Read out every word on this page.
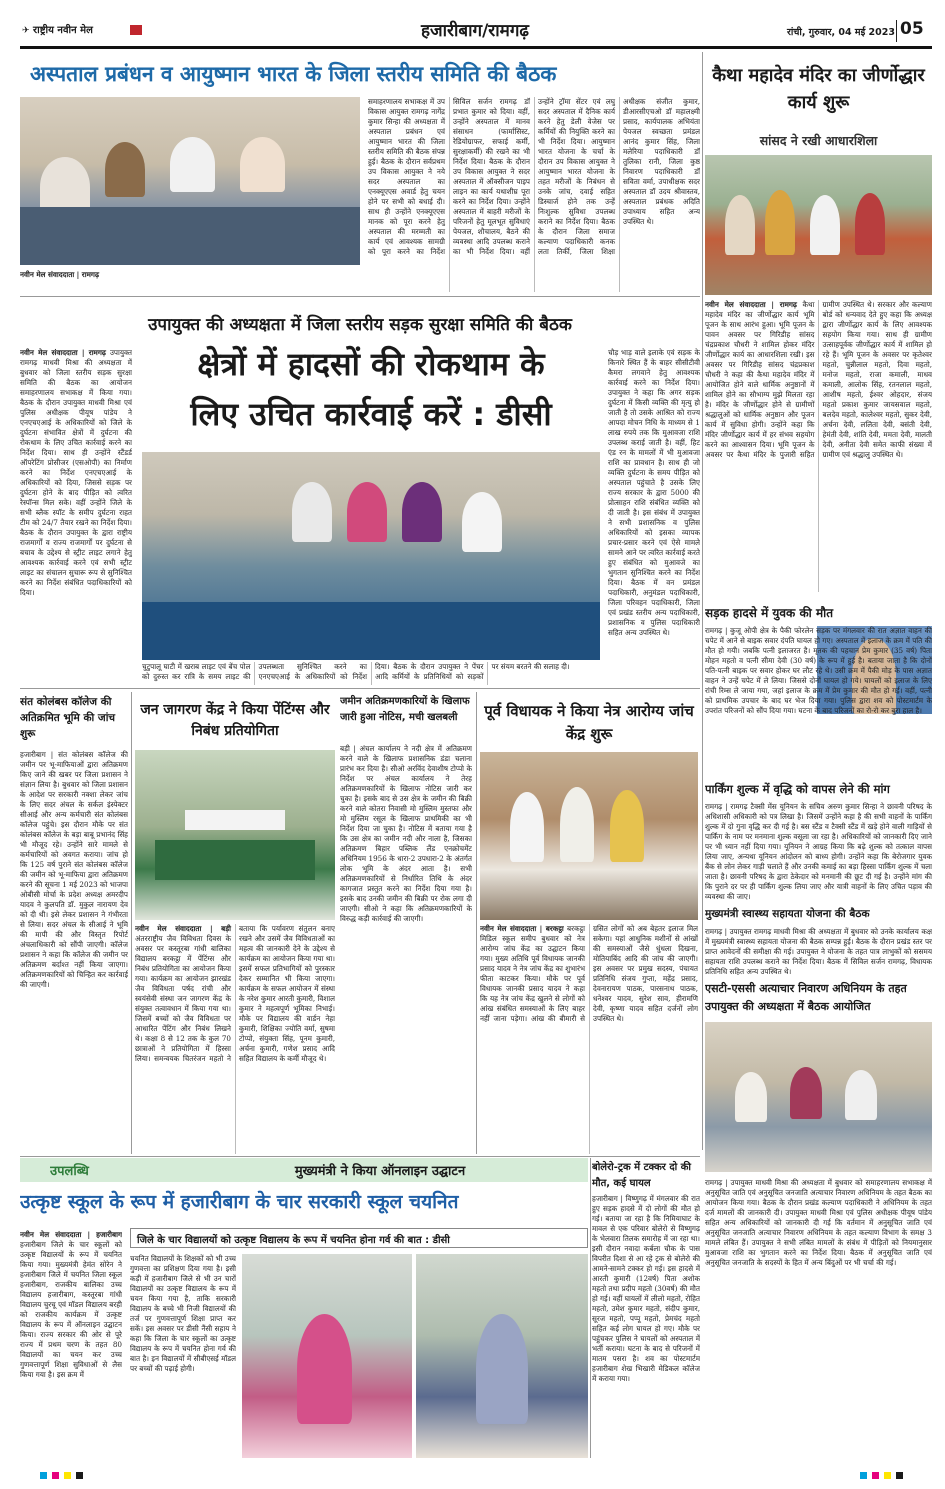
✈ राष्ट्रीय नवीन मेल	हजारीबाग/रामगढ़	रांची, गुरुवार, 04 मई 2023 05
अस्पताल प्रबंधन व आयुष्मान भारत के जिला स्तरीय समिति की बैठक
नवीन मेल संवाददाता | रामगढ़
समाहरणालय सभाकक्ष में उप विकास आयुक्त रामगढ़ नागेंद्र कुमार सिन्हा की अध्यक्षता में अस्पताल प्रबंधन एवं आयुष्मान भारत की जिला स्तरीय समिति की बैठक संपन्न हुई। बैठक के दौरान सर्वप्रथम उप विकास आयुक्त ने नये सदर अस्पताल का एनक्यूएएस अवार्ड हेतु चयन होने पर सभी को बधाई दी। साथ ही उन्होंने एनक्यूएएस मानक को पूरा करने हेतु अस्पताल की मरम्मती का कार्य एवं आवश्यक सामग्री को पूरा करने का निर्देश सिविल सर्जन रामगढ़ डॉ प्रभात कुमार को दिया। वहीं, उन्होंने अस्पताल में मानव संसाधन (फार्मासिस्ट, रेडियोग्राफर, सफाई कर्मी, सुरक्षाकर्मी) की रखने का भी निर्देश दिया। बैठक के दौरान उप विकास आयुक्त ने सदर अस्पताल में ऑक्सीजन पाइप लाइन का कार्य यथाशीघ्र पूरा करने का निर्देश दिया। उन्होंने अस्पताल में बाहरी मरीजों के परिजनों हेतु मूलभूत सुविधाएं पेयजल, शौचालय, बैठने की व्यवस्था आदि उपलब्ध कराने का भी निर्देश दिया। वहीं उन्होंने ट्रॉमा सेंटर एवं लघु सदर अस्पताल में दैनिक कार्य करने हेतु डेली वेजेस पर कर्मियों की नियुक्ति करने का भी निर्देश दिया। आयुष्मान भारत योजना के चर्चा के दौरान उप विकास आयुक्त ने आयुष्मान भारत योजना के तहत मरीजों के निबंधन से उनके जांच, दवाई सहित डिस्चार्ज होने तक उन्हें निःशुल्क सुविधा उपलब्ध कराने का निर्देश दिया। बैठक के दौरान जिला समाज कल्याण पदाधिकारी कनक लता तिर्की, जिला शिक्षा अधीक्षक संजीत कुमार, डीआरसीएचओ डॉ महालक्ष्मी प्रसाद, कार्यपालक अभियंता पेयजल स्वच्छता प्रमंडल आनंद कुमार सिंह, जिला मलेरिया पदाधिकारी डॉ तुलिका रानी, जिला कुष्ठ निवारण पदाधिकारी डॉ सविता वर्मा, उपाधीक्षक सदर अस्पताल डॉ उदय श्रीवास्तव, अस्पताल प्रबंधक अदिति उपाध्याय सहित अन्य उपस्थित थे।
कैथा महादेव मंदिर का जीर्णोद्धार कार्य शुरू
सांसद ने रखी आधारशिला
नवीन मेल संवाददाता | रामगढ़ कैथा महादेव मंदिर का जीर्णोद्धार कार्य भूमि पूजन के साथ आरंभ हुआ। भूमि पूजन के पावन अवसर पर गिरिडीह सांसद चंद्रप्रकाश चौधरी ने शामिल होकर मंदिर जीर्णोद्धार कार्य का आधारशिला रखी। इस अवसर पर गिरिडीह सांसद चंद्रप्रकाश चौधरी ने कहा की कैथा महादेव मंदिर में आयोजित होने वाले धार्मिक अनुष्ठानों में शामिल होने का सौभाग्य मुझे मिलता रहा है। मंदिर के जीर्णोद्धार होने से ग्रामीणों श्रद्धालुओं को धार्मिक अनुष्ठान और पूजन कार्य में सुविधा होगी। उन्होंने कहा कि मंदिर जीर्णोद्धार कार्य में हर संभव सहयोग करने का आश्वासन दिया। भूमि पूजन के अवसर पर कैथा मंदिर के पुजारी सहित ग्रामीण उपस्थित थे। सरकार और कल्याण बोर्ड को धन्यवाद देते हुए कहा कि अध्यक्ष द्वारा जीर्णोद्धार कार्य के लिए आवश्यक सहयोग किया गया। साथ ही ग्रामीण उत्साहपूर्वक जीर्णोद्धार कार्य में शामिल हो रहे हैं। भूमि पूजन के अवसर पर कृतेश्वर महतो, चुन्नीलाल महतो, दिवा महतो, मनोज महतो, राजा कमाली, माधव कमाली, आलोक सिंह, रतनलाल महतो, आशीष महतो, ईश्वर ओहदार, संजय महतो प्रकाश कुमार जायसवाल महतो, बलदेव महतो, कालेश्वर महतो, सुकर देवी, अर्चना देवी, ललिता देवी, बसंती देवी, हेमंती देवी, शांति देवी, ममता देवी, मालती देवी, अनीता देवी समेत काफी संख्या में ग्रामीण एवं श्रद्धालु उपस्थित थे।
उपायुक्त की अध्यक्षता में जिला स्तरीय सड़क सुरक्षा समिति की बैठक
नवीन मेल संवाददाता | रामगढ़ उपायुक्त रामगढ़ माधवी मिश्रा की अध्यक्षता में बुधवार को जिला स्तरीय सड़क सुरक्षा समिति की बैठक का आयोजन समाहरणालय सभाकक्ष में किया गया। बैठक के दौरान उपायुक्त माधवी मिश्रा एवं पुलिस अधीक्षक पीयूष पांडेय ने एनएचएआई के अधिकारियों को जिले के दुर्घटना संभावित क्षेत्रों में दुर्घटना की रोकथाम के लिए उचित कार्रवाई करने का निर्देश दिया। साथ ही उन्होंने स्टैंडर्ड ऑपरेटिंग प्रोसीजर (एसओपी) का निर्माण करने का निर्देश एनएचएआई के अधिकारियों को दिया, जिससे सड़क पर दुर्घटना होने के बाद पीड़ित को त्वरित रेस्पॉन्स मिल सके। वहीं उन्होंने जिले के सभी ब्लैक स्पॉट के समीप दुर्घटना राहत टीम को 24/7 तैयार रखने का निर्देश दिया। बैठक के दौरान उपायुक्त के द्वारा राष्ट्रीय राजमार्गों व राज्य राजमार्गों पर दुर्घटना से बचाव के उद्देश्य से स्ट्रीट लाइट लगाने हेतु आवश्यक कार्रवाई करने एवं सभी स्ट्रीट लाइट का संचालन सुचारू रूप से सुनिश्चित करने का निर्देश संबंधित पदाधिकारियों को दिया।
क्षेत्रों में हादसों की रोकथाम के
लिए उचित कार्रवाई करें : डीसी
चुटुपालू घाटी में खराब लाइट एवं बेंच पोल को दुरुस्त कर रात्रि के समय लाइट की उपलब्धता सुनिश्चित करने का एनएचएआई के अधिकारियों को निर्देश दिया। बैठक के दौरान उपायुक्त ने पेंचर आदि कर्मियों के प्रतिनिधियों को सड़कों पर संयम बरतने की सलाह दी।
चौड़ भाड़ वाले इलाके एवं सड़क के किनारे स्थित हैं के बाहर सीसीटीवी कैमरा लगवाने हेतु आवश्यक कार्रवाई करने का निर्देश दिया। उपायुक्त ने कहा कि अगर सड़क दुर्घटना में किसी व्यक्ति की मृत्यु हो जाती है तो उसके आश्रित को राज्य आपदा मोचन निधि के माध्यम से 1 लाख रुपये तक कि मुआवजा राशि उपलब्ध कराई जाती है। वहीं, हिट एंड रन के मामलों में भी मुआवजा राशि का प्रावधान है। साथ ही जो व्यक्ति दुर्घटना के समय पीड़ित को अस्पताल पहुंचाते है उसके लिए राज्य सरकार के द्वारा 5000 की प्रोत्साहन राशि संबंधित व्यक्ति को दी जाती है। इस संबंध में उपायुक्त ने सभी प्रशासनिक व पुलिस अधिकारियों को इसका व्यापक प्रचार-प्रसार करने एवं ऐसे मामले सामने आने पर त्वरित कार्रवाई करते हुए संबंधित को मुआवजे का भुगतान सुनिश्चित करने का निर्देश दिया। बैठक में वन प्रमंडल पदाधिकारी, अनुमंडल पदाधिकारी, जिला परिवहन पदाधिकारी, जिला एवं प्रखंड स्तरीय अन्य पदाधिकारी, प्रशासनिक व पुलिस पदाधिकारी सहित अन्य उपस्थित थे।
सड़क हादसे में युवक की मौत
रामगढ़ | कुजू ओपी क्षेत्र के पैकी फोरलेन सड़क पर मंगलवार की रात अज्ञात वाहन की चपेट में आने से बाइक सवार दंपति घायल हो गए। अस्पताल में इलाज के क्रम में पति की मौत हो गयी। जबकि पत्नी इलाजरत है। मृतक की पहचान प्रेम कुमार (35 वर्ष) पिता मोहन महतो व पत्नी सीमा देवी (30 वर्ष) के रूप में हुई है। बताया जाता है कि दोनों पति-पत्नी बाइक पर सवार होकर घर लौट रहे थे। उसी क्रम में पैकी मोड़ के पास अज्ञात वाहन ने उन्हें चपेट में ले लिया। जिससे दोनों घायल हो गये। घायलों को इलाज के लिए रांची रिम्स ले जाया गया, जहां इलाज के क्रम में प्रेम कुमार की मौत हो गई। वहीं, पत्नी को प्राथमिक उपचार के बाद घर भेज दिया गया। पुलिस द्वारा शव को पोस्टमार्टम के उपरांत परिजनों को सौंप दिया गया। घटना के बाद परिजनों का रो-रो कर बुरा हाल है।
पार्किंग शुल्क में वृद्धि को वापस लेने की मांग
रामगढ़ | रामगढ़ टैक्सी मेंस यूनियन के सचिव अरुण कुमार सिन्हा ने छावनी परिषद के अधिशासी अधिकारी को पत्र लिखा है। जिसमें उन्होंने कहा है की सभी वाहनों के पार्किंग शुल्क में दो गुना वृद्धि कर दी गई है। बस स्टैंड व टैक्सी स्टैंड में खड़े होने वाली गाड़ियों से पार्किंग के नाम पर मनमाना शुल्क वसूला जा रहा है। अधिकारियों को जानकारी दिए जाने पर भी ध्यान नहीं दिया गया। यूनियन ने आग्रह किया कि बढ़े शुल्क को तत्काल वापस लिया जाए, अन्यथा यूनियन आंदोलन को बाध्य होगी। उन्होंने कहा कि बेरोजगार युवक बैंक से लोन लेकर गाड़ी चलाते हैं और उनकी कमाई का बड़ा हिस्सा पार्किंग शुल्क में चला जाता है। छावनी परिषद के द्वारा ठेकेदार को मनमानी की छूट दी गई है। उन्होंने मांग की कि पुराने दर पर ही पार्किंग शुल्क लिया जाए और यात्री वाहनों के लिए उचित पड़ाव की व्यवस्था की जाए।
मुख्यमंत्री स्वास्थ्य सहायता योजना की बैठक
रामगढ़ | उपायुक्त रामगढ़ माधवी मिश्रा की अध्यक्षता में बुधवार को उनके कार्यालय कक्ष में मुख्यमंत्री स्वास्थ्य सहायता योजना की बैठक सम्पन्न हुई। बैठक के दौरान प्रखंड स्तर पर प्राप्त आवेदनों की समीक्षा की गई। उपायुक्त ने योजना के तहत पात्र लाभुकों को ससमय सहायता राशि उपलब्ध कराने का निर्देश दिया। बैठक में सिविल सर्जन रामगढ़, विधायक प्रतिनिधि सहित अन्य उपस्थित थे।
एसटी-एससी अत्याचार निवारण अधिनियम के तहत उपायुक्त की अध्यक्षता में बैठक आयोजित
रामगढ़ | उपायुक्त माधवी मिश्रा की अध्यक्षता में बुधवार को समाहरणालय सभाकक्ष में अनुसूचित जाति एवं अनुसूचित जनजाति अत्याचार निवारण अधिनियम के तहत बैठक का आयोजन किया गया। बैठक के दौरान प्रखंड कल्याण पदाधिकारी ने अधिनियम के तहत दर्ज मामलों की जानकारी दी। उपायुक्त माधवी मिश्रा एवं पुलिस अधीक्षक पीयूष पांडेय सहित अन्य अधिकारियों को जानकारी दी गई कि वर्तमान में अनुसूचित जाति एवं अनुसूचित जनजाति अत्याचार निवारण अधिनियम के तहत कल्याण विभाग के समक्ष 3 मामले लंबित हैं। उपायुक्त ने सभी लंबित मामलों के संबंध में पीड़ितों को नियमानुसार मुआवजा राशि का भुगतान करने का निर्देश दिया। बैठक में अनुसूचित जाति एवं अनुसूचित जनजाति के सदस्यों के हित में अन्य बिंदुओं पर भी चर्चा की गई।
संत कोलंबस कॉलेज की अतिक्रमित भूमि की जांच शुरू
हजारीबाग | संत कोलंबस कॉलेज की जमीन पर भू-माफियाओं द्वारा अतिक्रमण किए जाने की खबर पर जिला प्रशासन ने संज्ञान लिया है। बुधवार को जिला प्रशासन के आदेश पर सरकारी नक्शा लेकर जांच के लिए सदर अंचल के सर्कल इंस्पेक्टर सीआई और अन्य कर्मचारी संत कोलंबस कॉलेज पहुंचे। इस दौरान मौके पर संत कोलंबस कॉलेज के बड़ा बाबू प्रभानंद सिंह भी मौजूद रहे। उन्होंने सारे मामले से कर्मचारियों को अवगत कराया। जांच हो कि 125 वर्ष पुराने संत कोलंबस कॉलेज की जमीन को भू-माफिया द्वारा अतिक्रमण करने की सूचना 1 मई 2023 को भाजपा ओबीसी मोर्चा के प्रदेश अध्यक्ष अमरदीप यादव ने कुलपति डॉ. मुकुल नारायण देव को दी थी। इसे लेकर प्रशासन ने गंभीरता से लिया। सदर अंचल के सीआई ने भूमि की मापी की और विस्तृत रिपोर्ट अंचलाधिकारी को सौंपी जाएगी। कॉलेज प्रशासन ने कहा कि कॉलेज की जमीन पर अतिक्रमण बर्दाश्त नहीं किया जाएगा। अतिक्रमणकारियों को चिन्हित कर कार्रवाई की जाएगी।
जन जागरण केंद्र ने किया पेंटिंग्स और निबंध प्रतियोगिता
नवीन मेल संवाददाता | बड़ी अंतरराष्ट्रीय जैव विविधता दिवस के अवसर पर कस्तूरबा गांधी बालिका विद्यालय बरकट्ठा में पेंटिंग्स और निबंध प्रतियोगिता का आयोजन किया गया। कार्यक्रम का आयोजन झारखंड जैव विविधता पर्षद रांची और स्वयंसेवी संस्था जन जागरण केंद्र के संयुक्त तत्वावधान में किया गया था। जिसमें बच्चों को जैव विविधता पर आधारित पेंटिंग और निबंध लिखने थे। कक्षा 8 से 12 तक के कुल 70 छात्राओं ने प्रतियोगिता में हिस्सा लिया। समन्वयक चितरंजन महतो ने बताया कि पर्यावरण संतुलन बनाए रखने और उसमें जैव विविधताओं का महत्व की जानकारी देने के उद्देश्य से कार्यक्रम का आयोजन किया गया था। इसमें सफल प्रतिभागियों को पुरस्कार देकर सम्मानित भी किया जाएगा। कार्यक्रम के सफल आयोजन में संस्था के नरेश कुमार आरती कुमारी, विशाल कुमार ने महत्वपूर्ण भूमिका निभाई। मौके पर विद्यालय की वार्डन नेहा कुमारी, शिक्षिका ज्योति वर्मा, सुषमा टोप्पो, संयुक्ता सिंह, पूनम कुमारी, अर्चना कुमारी, गणेश प्रसाद आदि सहित विद्यालय के कर्मी मौजूद थे।
जमीन अतिक्रमणकारियों के खिलाफ जारी हुआ नोटिस, मची खलबली
बड़ी | अंचल कार्यालय ने नदी क्षेत्र में अतिक्रमण करने वाले के खिलाफ प्रशासनिक डंडा चलाना प्रारंभ कर दिया है। सीओ अरविंद देवाशीष टोप्पो के निर्देश पर अंचल कार्यालय ने तेरह अतिक्रमणकारियों के खिलाफ नोटिस जारी कर चुका है। इसके बाद से उस क्षेत्र के जमीन की बिक्री करने वाले कोतरा निवासी मो मुस्लिम मुस्तफा और मो मुस्लिम रसूल के खिलाफ प्राथमिकी का भी निर्देश दिया जा चुका है। नोटिस में बताया गया है कि उस क्षेत्र का जमीन नदी और नाला है, जिसका अतिक्रमण बिहार पब्लिक लैंड एनक्रोचमेंट अधिनियम 1956 के धारा-2 उपधारा-2 के अंतर्गत लोक भूमि के अंदर आता है। सभी अतिक्रमणकारियों से निर्धारित तिथि के अंदर कागजात प्रस्तुत करने का निर्देश दिया गया है। इसके बाद उनकी जमीन की बिक्री पर रोक लगा दी जाएगी। सीओ ने कहा कि अतिक्रमणकारियों के विरुद्ध कड़ी कार्रवाई की जाएगी।
पूर्व विधायक ने किया नेत्र आरोग्य जांच केंद्र शुरू
नवीन मेल संवाददाता | बरकट्ठा बरकट्ठा मिडिल स्कूल समीप बुधवार को नेत्र आरोग्य जांच केंद्र का उद्घाटन किया गया। मुख्य अतिथि पूर्व विधायक जानकी प्रसाद यादव ने नेत्र जांच केंद्र का शुभारंभ फीता काटकर किया। मौके पर पूर्व विधायक जानकी प्रसाद यादव ने कहा कि यह नेत्र जांच केंद्र खुलने से लोगों को आंख संबंधित समस्याओं के लिए बाहर नहीं जाना पड़ेगा। आंख की बीमारी से ग्रसित लोगों को अब बेहतर इलाज मिल सकेगा। यहां आधुनिक मशीनों से आंखों की समस्याओं जैसे धुंधला दिखना, मोतियाबिंद आदि की जांच की जाएगी। इस अवसर पर प्रमुख सदस्य, पंचायत प्रतिनिधि संजय गुप्ता, महेंद्र प्रसाद, देवनारायण पाठक, पारसनाथ पाठक, धनेश्वर यादव, सुरेश साव, हीरामणि देवी, कृष्णा यादव सहित दर्जनों लोग उपस्थित थे।
उपलब्धि	मुख्यमंत्री ने किया ऑनलाइन उद्घाटन
उत्कृष्ट स्कूल के रूप में हजारीबाग के चार सरकारी स्कूल चयनित
नवीन मेल संवाददाता | हजारीबाग हजारीबाग जिले के चार स्कूलों को उत्कृष्ट विद्यालयों के रूप में चयनित किया गया। मुख्यमंत्री हेमंत सोरेन ने हजारीबाग जिले में चयनित जिला स्कूल हजारीबाग, राजकीय बालिका उच्च विद्यालय हजारीबाग, कस्तूरबा गांधी विद्यालय चुरचू एवं मॉडल विद्यालय बरही को राजकीय कार्यक्रम में उत्कृष्ट विद्यालय के रूप में ऑनलाइन उद्घाटन किया। राज्य सरकार की ओर से पूरे राज्य में प्रथम चरण के तहत 80 विद्यालयों का चयन कर उच्च गुणवत्तापूर्ण शिक्षा सुविधाओं से लैस किया गया है। इस क्रम में
जिले के चार विद्यालयों को उत्कृष्ट विद्यालय के रूप में चयनित होना गर्व की बात : डीसी
चयनित विद्यालयों के शिक्षकों को भी उच्च गुणवत्ता का प्रशिक्षण दिया गया है। इसी कड़ी में हजारीबाग जिले से भी उन चारों विद्यालयों का उत्कृष्ट विद्यालय के रूप में चयन किया गया है, ताकि सरकारी विद्यालय के बच्चे भी निजी विद्यालयों की तर्ज पर गुणवत्तापूर्ण शिक्षा प्राप्त कर सकें। इस अवसर पर डीसी नैंसी सहाय ने कहा कि जिला के चार स्कूलों का उत्कृष्ट विद्यालय के रूप में चयनित होना गर्व की बात है। इन विद्यालयों में सीबीएसई मॉडल पर बच्चों की पढ़ाई होगी।
बोलेरो-ट्रक में टक्कर दो की मौत, कई घायल
हजारीबाग | विष्णुगढ़ में मंगलवार की रात हुए सड़क हादसे में दो लोगों की मौत हो गई। बताया जा रहा है कि निमियाघाट के मावल से एक परिवार बोलेरो से विष्णुगढ़ के भेलवारा तिलक समारोह में जा रहा था। इसी दौरान नवादा कर्बला चौक के पास विपरीत दिशा से आ रहे ट्रक से बोलेरो की आमने-सामने टक्कर हो गई। इस हादसे में आरती कुमारी (12वर्ष) पिता अशोक महतो तथा प्रदीप महतो (30वर्ष) की मौत हो गई। वहीं घायलों में लीलो महतो, रोहित महतो, उमेश कुमार महतो, संदीप कुमार, सूरज महतो, पप्पू महतो, प्रेमचंद महतो सहित कई लोग घायल हो गए। मौके पर पहुंचकर पुलिस ने घायलों को अस्पताल में भर्ती कराया। घटना के बाद से परिजनों में मातम पसरा है। शव का पोस्टमार्टम हजारीबाग शेख भिखारी मेडिकल कॉलेज में कराया गया।
